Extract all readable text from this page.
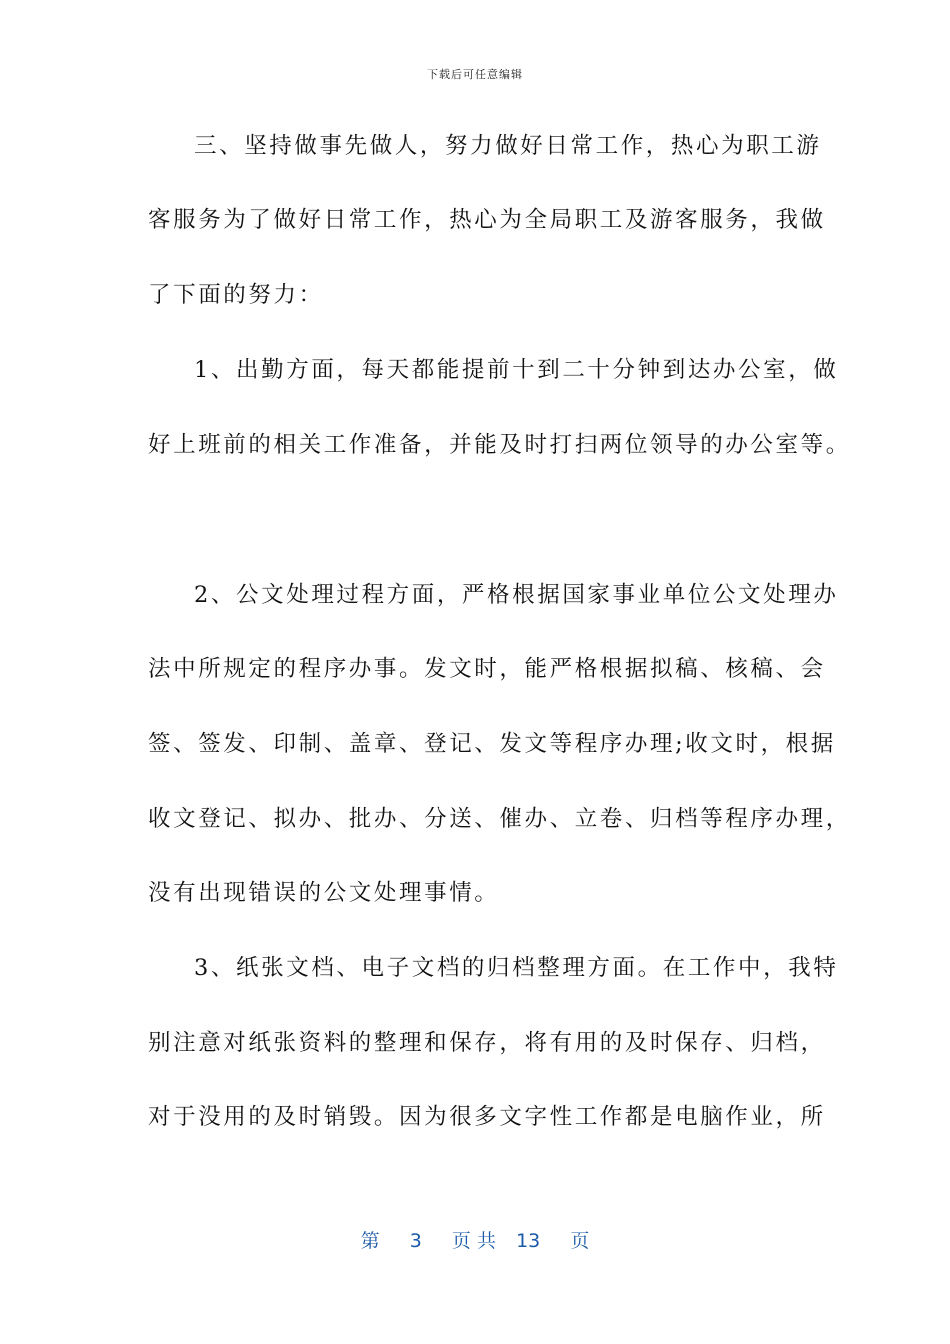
下载后可任意编辑
三、坚持做事先做人，努力做好日常工作，热心为职工游
客服务为了做好日常工作，热心为全局职工及游客服务，我做
了下面的努力：
1、出勤方面，每天都能提前十到二十分钟到达办公室，做
好上班前的相关工作准备，并能及时打扫两位领导的办公室等。
2、公文处理过程方面，严格根据国家事业单位公文处理办
法中所规定的程序办事。发文时，能严格根据拟稿、核稿、会
签、签发、印制、盖章、登记、发文等程序办理;收文时，根据
收文登记、拟办、批办、分送、催办、立卷、归档等程序办理，
没有出现错误的公文处理事情。
3、纸张文档、电子文档的归档整理方面。在工作中，我特
别注意对纸张资料的整理和保存，将有用的及时保存、归档，
对于没用的及时销毁。因为很多文字性工作都是电脑作业，所
第 3 页 共 13 页
